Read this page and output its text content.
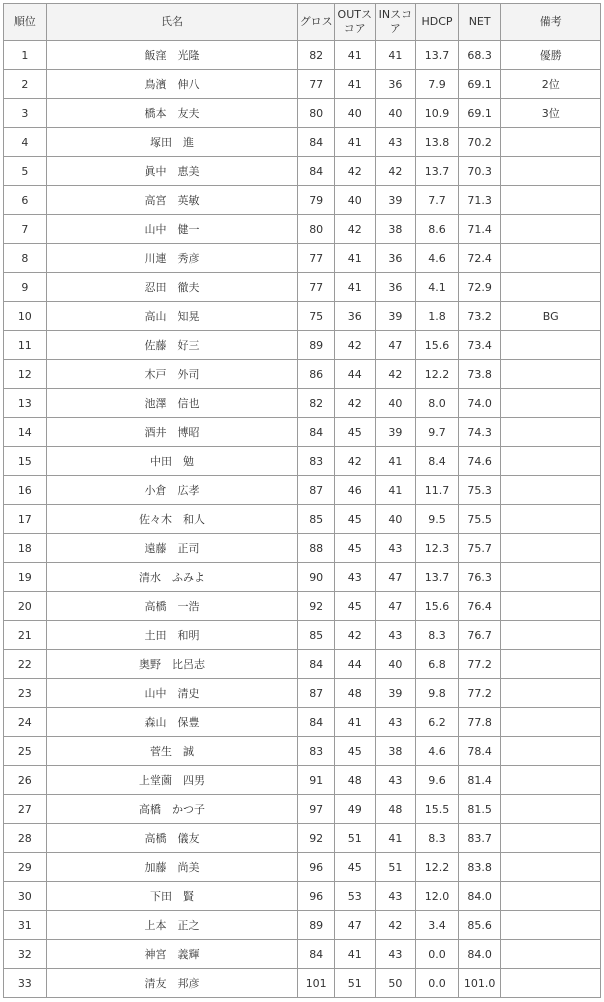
順位	氏名	グロス	OUTスコア	INスコア	HDCP	NET	備考
1	飯窪　光隆	82	41	41	13.7	68.3	優勝
2	鳥濱　伸八	77	41	36	7.9	69.1	2位
3	橋本　友夫	80	40	40	10.9	69.1	3位
4	塚田　進	84	41	43	13.8	70.2	
5	眞中　恵美	84	42	42	13.7	70.3	
6	高宮　英敏	79	40	39	7.7	71.3	
7	山中　健一	80	42	38	8.6	71.4	
8	川連　秀彦	77	41	36	4.6	72.4	
9	忍田　徹夫	77	41	36	4.1	72.9	
10	高山　知晃	75	36	39	1.8	73.2	BG
11	佐藤　好三	89	42	47	15.6	73.4	
12	木戸　外司	86	44	42	12.2	73.8	
13	池澤　信也	82	42	40	8.0	74.0	
14	酒井　博昭	84	45	39	9.7	74.3	
15	中田　勉	83	42	41	8.4	74.6	
16	小倉　広孝	87	46	41	11.7	75.3	
17	佐々木　和人	85	45	40	9.5	75.5	
18	遠藤　正司	88	45	43	12.3	75.7	
19	清水　ふみよ	90	43	47	13.7	76.3	
20	高橋　一浩	92	45	47	15.6	76.4	
21	土田　和明	85	42	43	8.3	76.7	
22	奥野　比呂志	84	44	40	6.8	77.2	
23	山中　清史	87	48	39	9.8	77.2	
24	森山　保豊	84	41	43	6.2	77.8	
25	菅生　誠	83	45	38	4.6	78.4	
26	上堂薗　四男	91	48	43	9.6	81.4	
27	高橋　かつ子	97	49	48	15.5	81.5	
28	高橋　儀友	92	51	41	8.3	83.7	
29	加藤　尚美	96	45	51	12.2	83.8	
30	下田　賢	96	53	43	12.0	84.0	
31	上本　正之	89	47	42	3.4	85.6	
32	神宮　義輝	84	41	43	0.0	84.0	
33	清友　邦彦	101	51	50	0.0	101.0	
